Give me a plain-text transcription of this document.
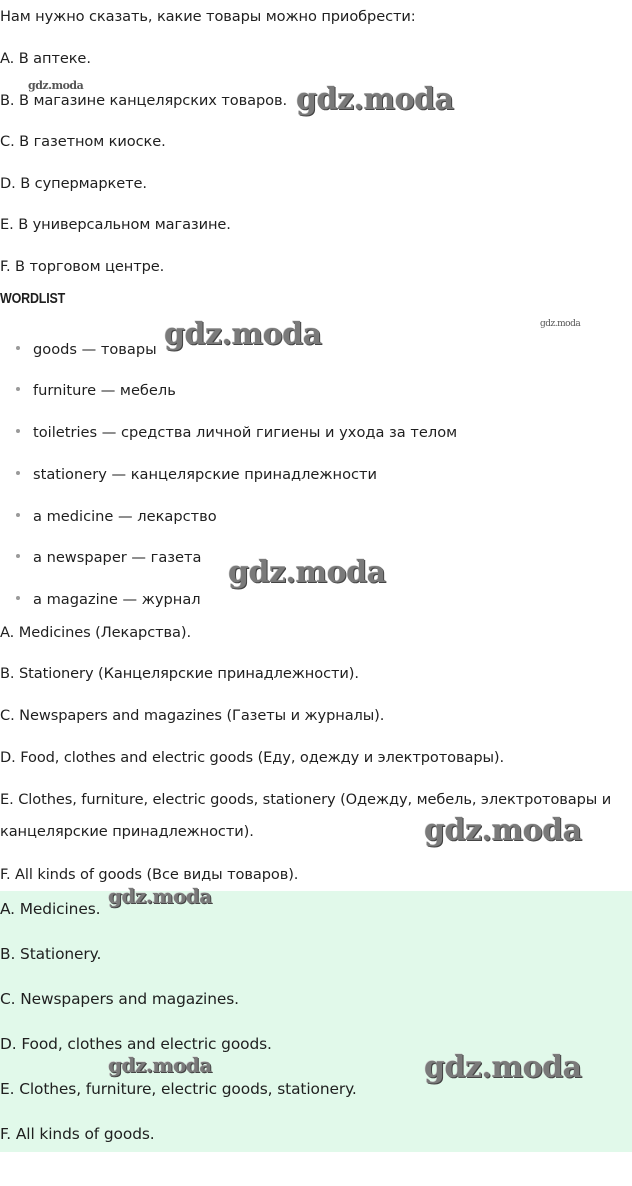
Нам нужно сказать, какие товары можно приобрести:

A. В аптеке.

B. В магазине канцелярских товаров.

C. В газетном киоске.

D. В супермаркете.

E. В универсальном магазине.

F. В торговом центре.

WORDLIST
goods — товары
furniture — мебель
toiletries — средства личной гигиены и ухода за телом
stationery — канцелярские принадлежности
a medicine — лекарство
a newspaper — газета
a magazine — журнал

A. Medicines (Лекарства).

B. Stationery (Канцелярские принадлежности).

C. Newspapers and magazines (Газеты и журналы).

D. Food, clothes and electric goods (Еду, одежду и электротовары).

E. Clothes, furniture, electric goods, stationery (Одежду, мебель, электротовары и

канцелярские принадлежности).

F. All kinds of goods (Все виды товаров).

A. Medicines.

B. Stationery.

C. Newspapers and magazines.

D. Food, clothes and electric goods.

E. Clothes, furniture, electric goods, stationery.

F. All kinds of goods.

gdz.moda	gdz.moda
gdz.moda
gdz.moda
gdz.moda
gdz.moda
gdz.moda
gdz.moda	gdz.moda
